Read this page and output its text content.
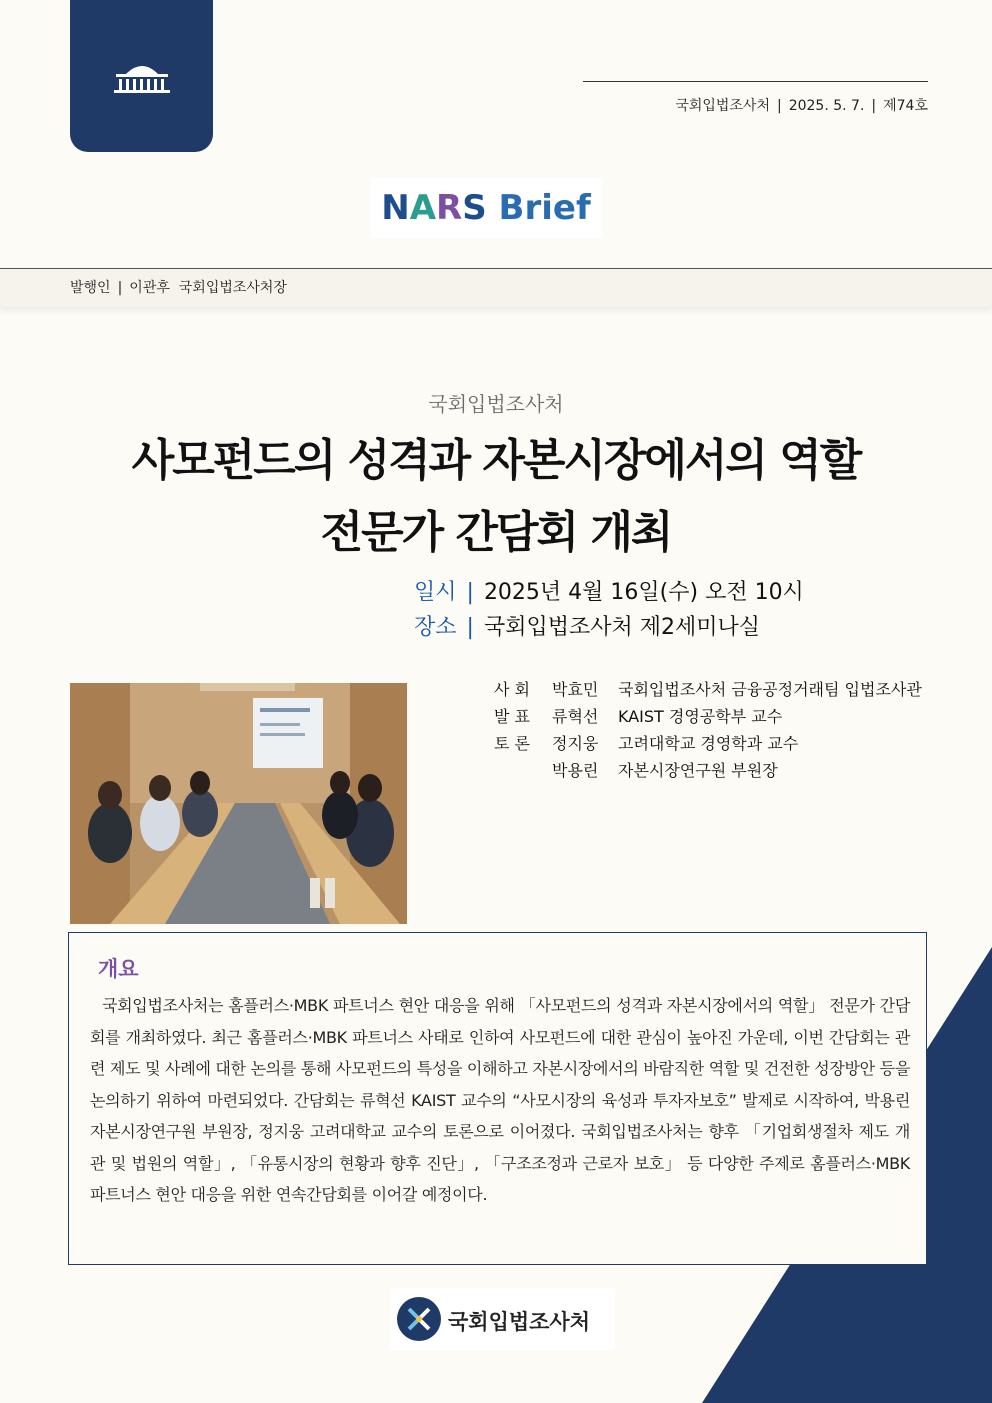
국회입법조사처 | 2025. 5. 7. | 제74호
NARS Brief
발행인 | 이관후  국회입법조사처장
국회입법조사처
사모펀드의 성격과 자본시장에서의 역할
전문가 간담회 개최
일시 | 2025년 4월 16일(수) 오전 10시
장소 | 국회입법조사처 제2세미나실
사 회 박효민 국회입법조사처 금융공정거래팀 입법조사관
발 표 류혁선 KAIST 경영공학부 교수
토 론 정지웅 고려대학교 경영학과 교수
박용린 자본시장연구원 부원장
개요

국회입법조사처는 홈플러스·MBK 파트너스 현안 대응을 위해 「사모펀드의 성격과 자본시장에서의 역할」 전문가 간담회를 개최하였다. 최근 홈플러스·MBK 파트너스 사태로 인하여 사모펀드에 대한 관심이 높아진 가운데, 이번 간담회는 관련 제도 및 사례에 대한 논의를 통해 사모펀드의 특성을 이해하고 자본시장에서의 바람직한 역할 및 건전한 성장방안 등을 논의하기 위하여 마련되었다. 간담회는 류혁선 KAIST 교수의 “사모시장의 육성과 투자자보호” 발제로 시작하여, 박용린 자본시장연구원 부원장, 정지웅 고려대학교 교수의 토론으로 이어졌다. 국회입법조사처는 향후 「기업회생절차 제도 개관 및 법원의 역할」, 「유통시장의 현황과 향후 진단」, 「구조조정과 근로자 보호」 등 다양한 주제로 홈플러스·MBK 파트너스 현안 대응을 위한 연속간담회를 이어갈 예정이다.

국회입법조사처
